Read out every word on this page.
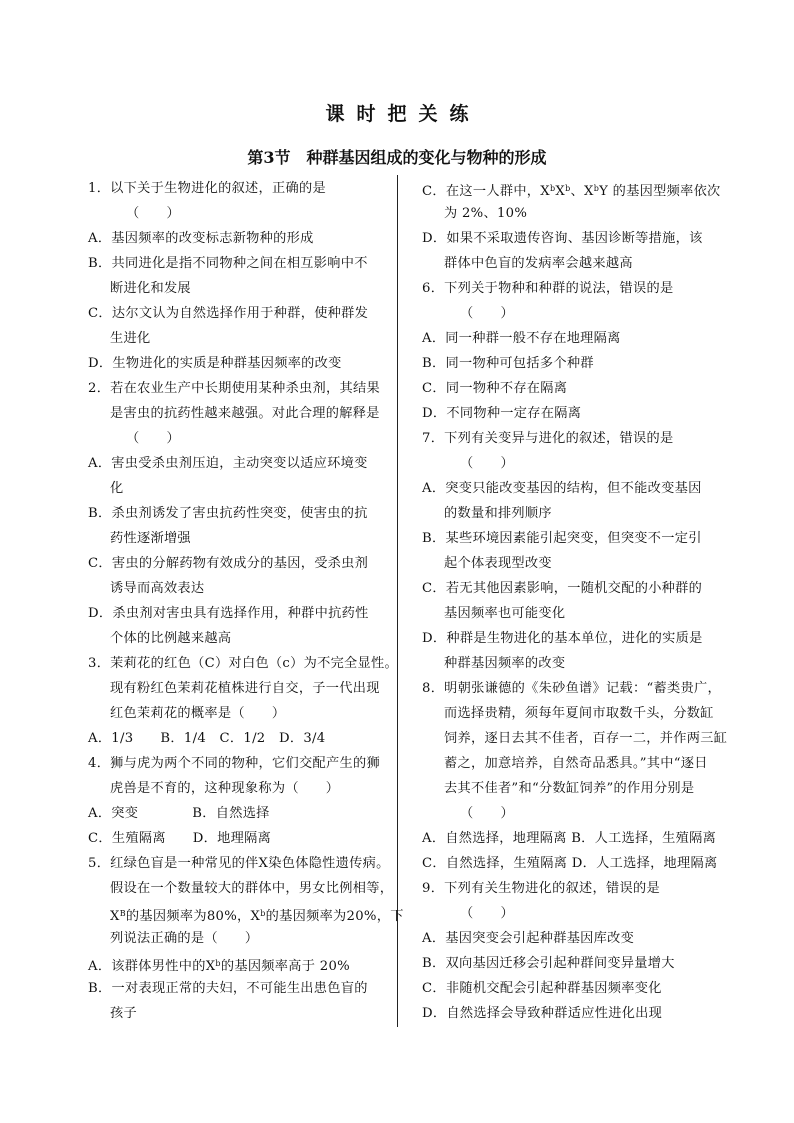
课时把关练
第3节　种群基因组成的变化与物种的形成
1．以下关于生物进化的叙述，正确的是
（　　）
A．基因频率的改变标志新物种的形成
B．共同进化是指不同物种之间在相互影响中不
断进化和发展
C．达尔文认为自然选择作用于种群，使种群发
生进化
D．生物进化的实质是种群基因频率的改变
2．若在农业生产中长期使用某种杀虫剂，其结果
是害虫的抗药性越来越强。对此合理的解释是
（　　）
A．害虫受杀虫剂压迫，主动突变以适应环境变
化
B．杀虫剂诱发了害虫抗药性突变，使害虫的抗
药性逐渐增强
C．害虫的分解药物有效成分的基因，受杀虫剂
诱导而高效表达
D．杀虫剂对害虫具有选择作用，种群中抗药性
个体的比例越来越高
3．茉莉花的红色（C）对白色（c）为不完全显性。
现有粉红色茉莉花植株进行自交，子一代出现
红色茉莉花的概率是（　　）
A．1/3　　B．1/4　C．1/2　D．3/4
4．狮与虎为两个不同的物种，它们交配产生的狮
虎兽是不育的，这种现象称为（　　）
A．突变　　　　B．自然选择
C．生殖隔离　　D．地理隔离
5．红绿色盲是一种常见的伴X染色体隐性遗传病。
假设在一个数量较大的群体中，男女比例相等，
$X^B$的基因频率为80%，$X^b$的基因频率为20%，下
列说法正确的是（　　）
A．该群体男性中的$X^b$的基因频率高于 20%
B．一对表现正常的夫妇，不可能生出患色盲的
孩子
C．在这一人群中，$X^bX^b$、$X^bY$ 的基因型频率依次
为 2%、10%
D．如果不采取遗传咨询、基因诊断等措施，该
群体中色盲的发病率会越来越高
6．下列关于物种和种群的说法，错误的是
（　　）
A．同一种群一般不存在地理隔离
B．同一物种可包括多个种群
C．同一物种不存在隔离
D．不同物种一定存在隔离
7．下列有关变异与进化的叙述，错误的是
（　　）
A．突变只能改变基因的结构，但不能改变基因
的数量和排列顺序
B．某些环境因素能引起突变，但突变不一定引
起个体表现型改变
C．若无其他因素影响，一随机交配的小种群的
基因频率也可能变化
D．种群是生物进化的基本单位，进化的实质是
种群基因频率的改变
8．明朝张谦德的《朱砂鱼谱》记载：“蓄类贵广，
而选择贵精，须每年夏间市取数千头，分数缸
饲养，逐日去其不佳者，百存一二，并作两三缸
蓄之，加意培养，自然奇品悉具。”其中“逐日
去其不佳者”和“分数缸饲养”的作用分别是
（　　）
A．自然选择，地理隔离 B．人工选择，生殖隔离
C．自然选择，生殖隔离 D．人工选择，地理隔离
9．下列有关生物进化的叙述，错误的是
（　　）
A．基因突变会引起种群基因库改变
B．双向基因迁移会引起种群间变异量增大
C．非随机交配会引起种群基因频率变化
D．自然选择会导致种群适应性进化出现
